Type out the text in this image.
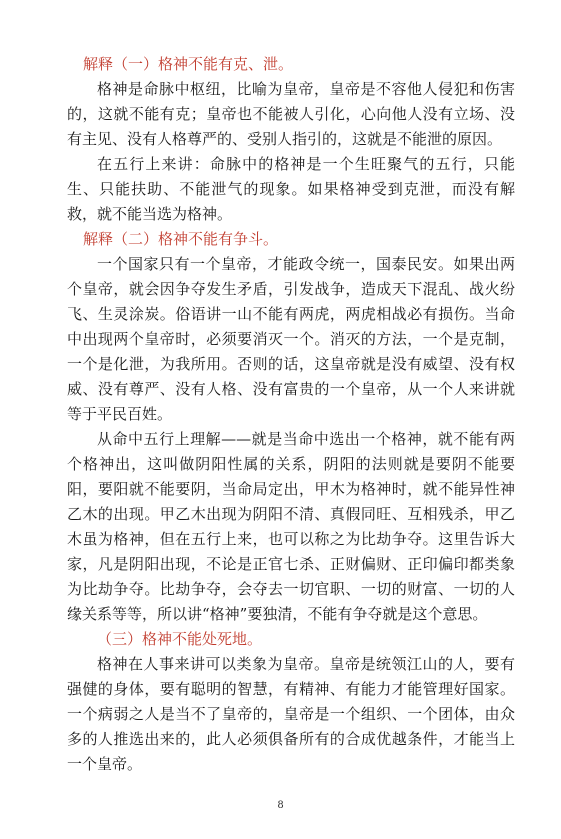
解释（一）格神不能有克、泄。

格神是命脉中枢纽，比喻为皇帝，皇帝是不容他人侵犯和伤害的，这就不能有克；皇帝也不能被人引化，心向他人没有立场、没有主见、没有人格尊严的、受别人指引的，这就是不能泄的原因。

在五行上来讲：命脉中的格神是一个生旺聚气的五行，只能生、只能扶助、不能泄气的现象。如果格神受到克泄，而没有解救，就不能当选为格神。

解释（二）格神不能有争斗。

一个国家只有一个皇帝，才能政令统一，国泰民安。如果出两个皇帝，就会因争夺发生矛盾，引发战争，造成天下混乱、战火纷飞、生灵涂炭。俗语讲一山不能有两虎，两虎相战必有损伤。当命中出现两个皇帝时，必须要消灭一个。消灭的方法，一个是克制，一个是化泄，为我所用。否则的话，这皇帝就是没有威望、没有权威、没有尊严、没有人格、没有富贵的一个皇帝，从一个人来讲就等于平民百姓。

从命中五行上理解——就是当命中选出一个格神，就不能有两个格神出，这叫做阴阳性属的关系，阴阳的法则就是要阴不能要阳，要阳就不能要阴，当命局定出，甲木为格神时，就不能异性神乙木的出现。甲乙木出现为阴阳不清、真假同旺、互相残杀，甲乙木虽为格神，但在五行上来，也可以称之为比劫争夺。这里告诉大家，凡是阴阳出现，不论是正官七杀、正财偏财、正印偏印都类象为比劫争夺。比劫争夺，会夺去一切官职、一切的财富、一切的人缘关系等等，所以讲“格神”要独清，不能有争夺就是这个意思。

（三）格神不能处死地。

格神在人事来讲可以类象为皇帝。皇帝是统领江山的人，要有强健的身体，要有聪明的智慧，有精神、有能力才能管理好国家。一个病弱之人是当不了皇帝的，皇帝是一个组织、一个团体，由众多的人推选出来的，此人必须俱备所有的合成优越条件，才能当上一个皇帝。

8
